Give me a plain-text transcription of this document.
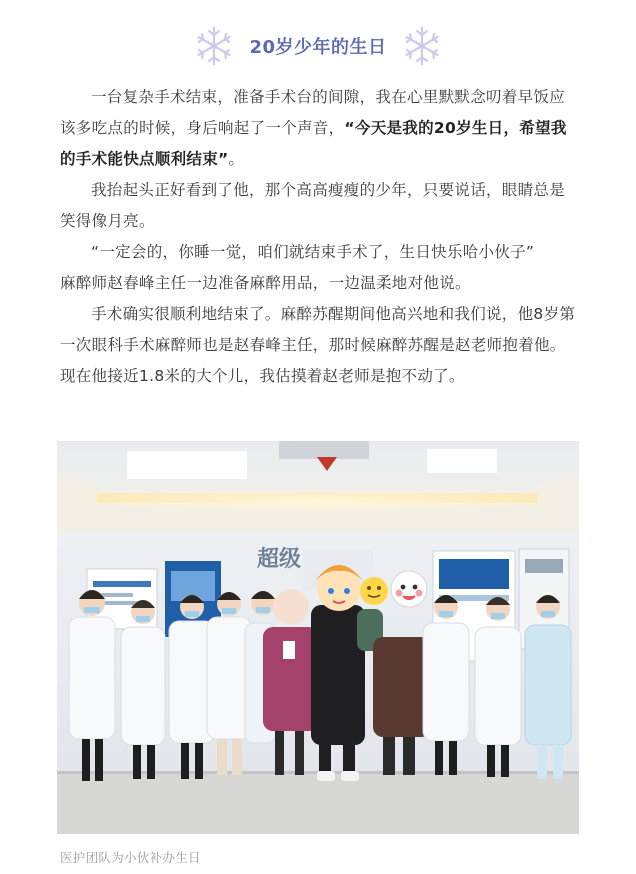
20岁少年的生日

一台复杂手术结束，准备手术台的间隙，我在心里默默念叨着早饭应该多吃点的时候，身后响起了一个声音，“今天是我的20岁生日，希望我的手术能快点顺利结束”。

我抬起头正好看到了他，那个高高瘦瘦的少年，只要说话，眼睛总是笑得像月亮。

“一定会的，你睡一觉，咱们就结束手术了，生日快乐哈小伙子”

麻醉师赵春峰主任一边准备麻醉用品，一边温柔地对他说。

手术确实很顺利地结束了。麻醉苏醒期间他高兴地和我们说，他8岁第一次眼科手术麻醉师也是赵春峰主任，那时候麻醉苏醒是赵老师抱着他。现在他接近1.8米的大个儿，我估摸着赵老师是抱不动了。

超级
医护团队为小伙补办生日
